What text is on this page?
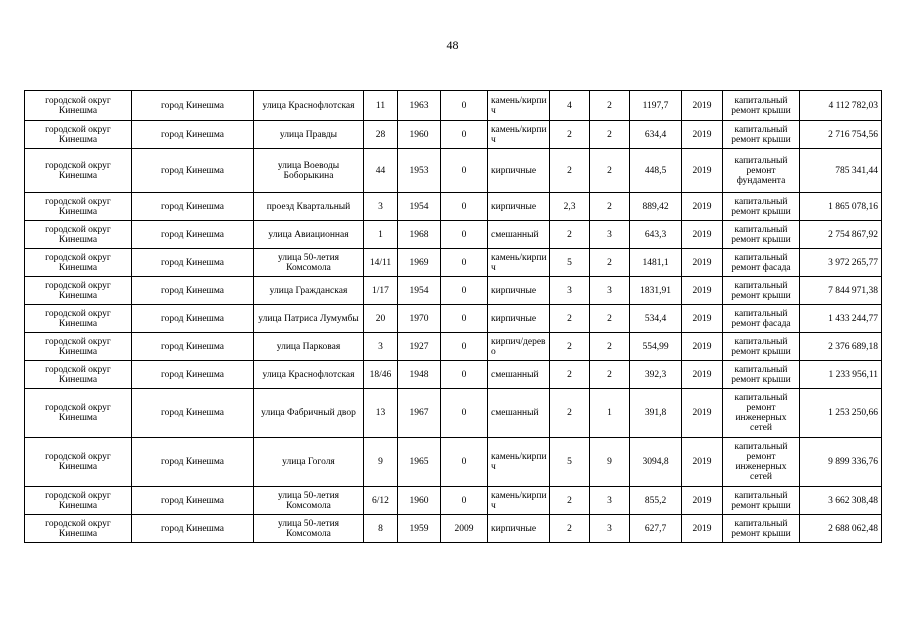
48
городской округ Кинешма	город Кинешма	улица Краснофлотская	11	1963	0	камень/кирпич	4	2	1197,7	2019	капитальный ремонт крыши	4 112 782,03
городской округ Кинешма	город Кинешма	улица Правды	28	1960	0	камень/кирпич	2	2	634,4	2019	капитальный ремонт крыши	2 716 754,56
городской округ Кинешма	город Кинешма	улица Воеводы Боборыкина	44	1953	0	кирпичные	2	2	448,5	2019	капитальный ремонт фундамента	785 341,44
городской округ Кинешма	город Кинешма	проезд Квартальный	3	1954	0	кирпичные	2,3	2	889,42	2019	капитальный ремонт крыши	1 865 078,16
городской округ Кинешма	город Кинешма	улица Авиационная	1	1968	0	смешанный	2	3	643,3	2019	капитальный ремонт крыши	2 754 867,92
городской округ Кинешма	город Кинешма	улица 50-летия Комсомола	14/11	1969	0	камень/кирпич	5	2	1481,1	2019	капитальный ремонт фасада	3 972 265,77
городской округ Кинешма	город Кинешма	улица Гражданская	1/17	1954	0	кирпичные	3	3	1831,91	2019	капитальный ремонт крыши	7 844 971,38
городской округ Кинешма	город Кинешма	улица Патриса Лумумбы	20	1970	0	кирпичные	2	2	534,4	2019	капитальный ремонт фасада	1 433 244,77
городской округ Кинешма	город Кинешма	улица Парковая	3	1927	0	кирпич/дерево	2	2	554,99	2019	капитальный ремонт крыши	2 376 689,18
городской округ Кинешма	город Кинешма	улица Краснофлотская	18/46	1948	0	смешанный	2	2	392,3	2019	капитальный ремонт крыши	1 233 956,11
городской округ Кинешма	город Кинешма	улица Фабричный двор	13	1967	0	смешанный	2	1	391,8	2019	капитальный ремонт инженерных сетей	1 253 250,66
городской округ Кинешма	город Кинешма	улица Гоголя	9	1965	0	камень/кирпич	5	9	3094,8	2019	капитальный ремонт инженерных сетей	9 899 336,76
городской округ Кинешма	город Кинешма	улица 50-летия Комсомола	6/12	1960	0	камень/кирпич	2	3	855,2	2019	капитальный ремонт крыши	3 662 308,48
городской округ Кинешма	город Кинешма	улица 50-летия Комсомола	8	1959	2009	кирпичные	2	3	627,7	2019	капитальный ремонт крыши	2 688 062,48
